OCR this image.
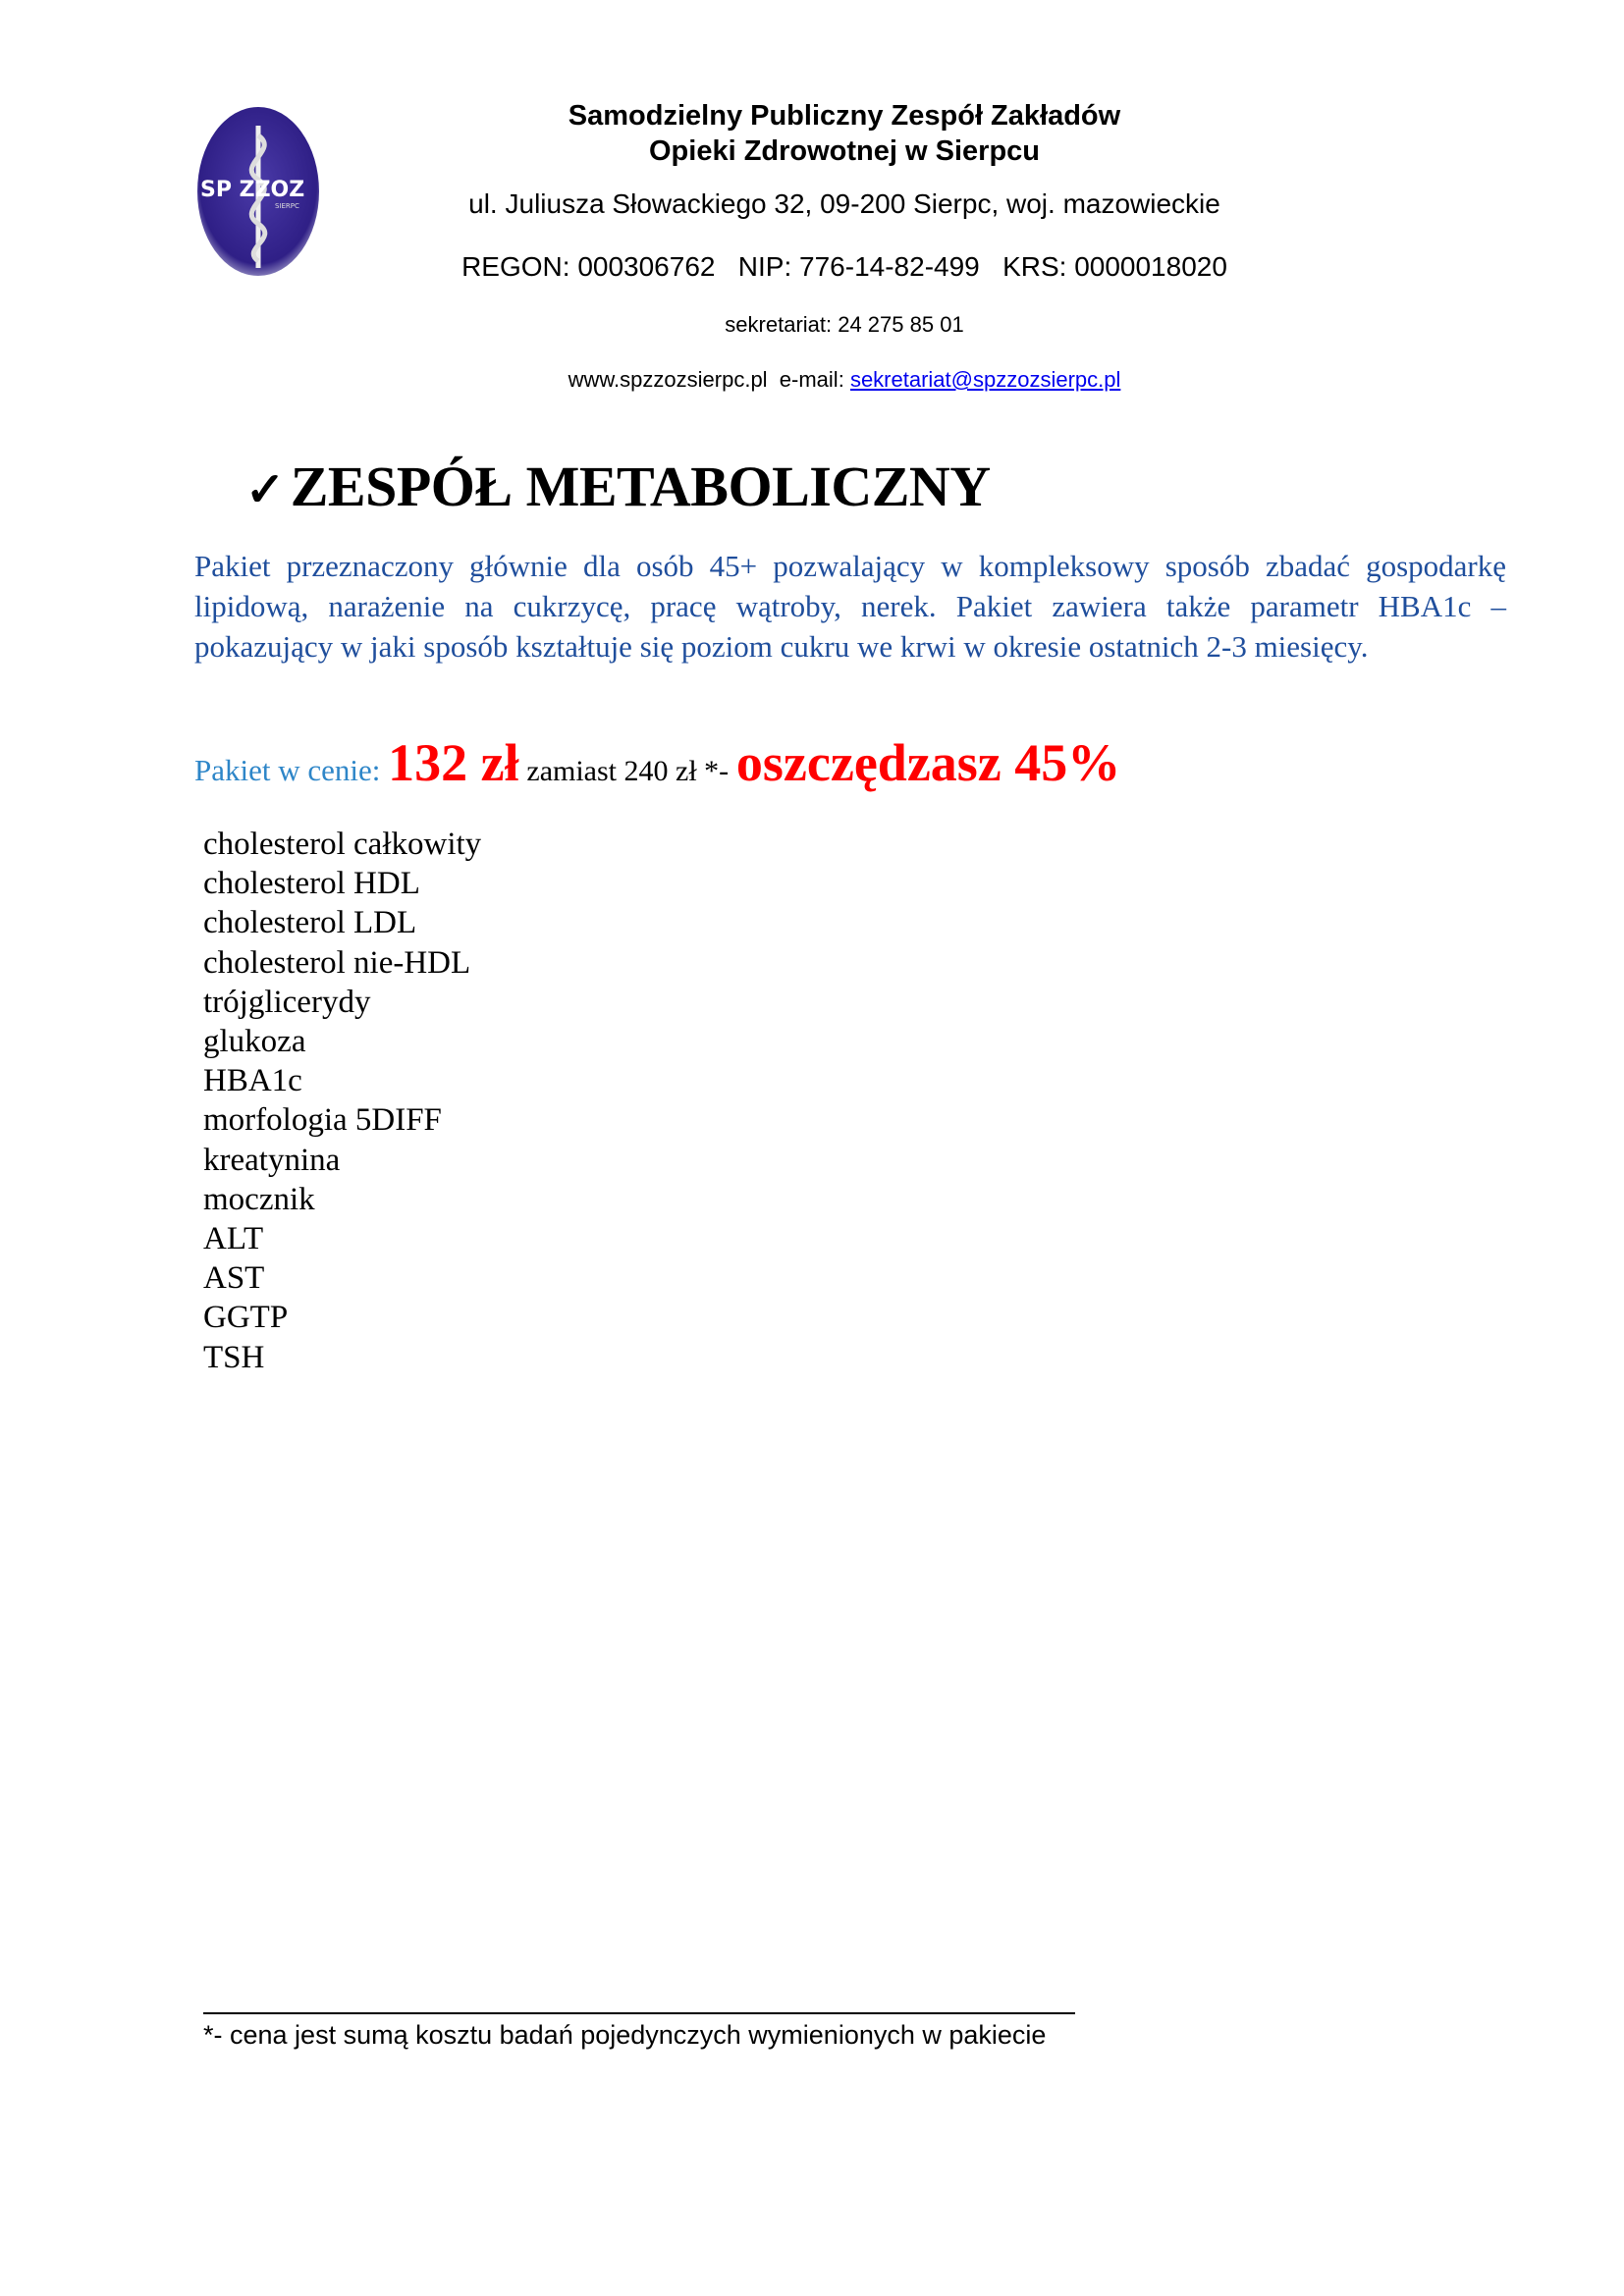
SP ZZOZ
SIERPC
Samodzielny Publiczny Zespół Zakładów
Opieki Zdrowotnej w Sierpcu
ul. Juliusza Słowackiego 32, 09-200 Sierpc, woj. mazowieckie
REGON: 000306762   NIP: 776-14-82-499   KRS: 0000018020
sekretariat: 24 275 85 01
www.spzzozsierpc.pl e-mail: sekretariat@spzzozsierpc.pl
✓ ZESPÓŁ METABOLICZNY
Pakiet przeznaczony głównie dla osób 45+ pozwalający w kompleksowy sposób zbadać gospodarkę lipidową, narażenie na cukrzycę, pracę wątroby, nerek. Pakiet zawiera także parametr HBA1c – pokazujący w jaki sposób kształtuje się poziom cukru we krwi w okresie ostatnich 2-3 miesięcy.
Pakiet w cenie: 132 zł zamiast 240 zł *- oszczędzasz 45%
cholesterol całkowity
cholesterol HDL
cholesterol LDL
cholesterol nie-HDL
trójglicerydy
glukoza
HBA1c
morfologia 5DIFF
kreatynina
mocznik
ALT
AST
GGTP
TSH
*- cena jest sumą kosztu badań pojedynczych wymienionych w pakiecie
